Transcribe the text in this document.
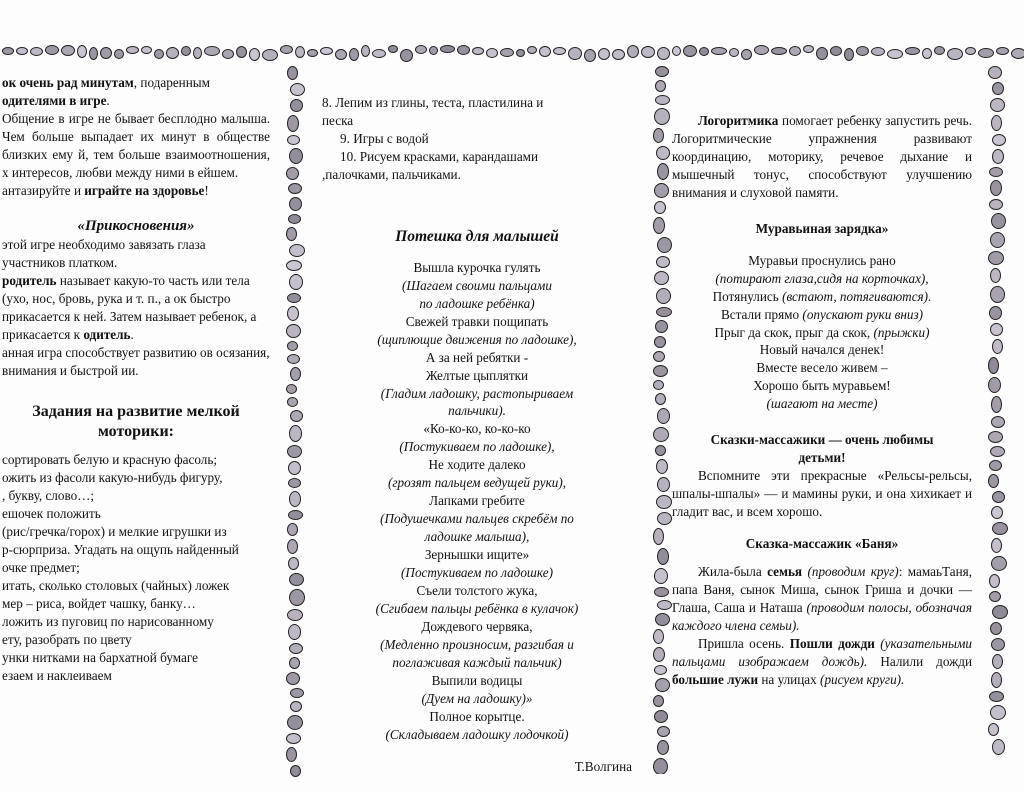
ок очень рад минутам, подаренным
одителями в игре.

Общение в игре не бывает бесплодно малыша. Чем больше выпадает их минут в обществе близких ему й, тем больше взаимоотношения, х интересов, любви между ними в ейшем.

антазируйте и играйте на здоровье!

«Прикосновения»

этой игре необходимо завязать глаза участников платком.

родитель называет какую-то часть или тела (ухо, нос, бровь, рука и т. п., а ок быстро прикасается к ней. Затем называет ребенок, а прикасается к одитель.

анная игра способствует развитию ов осязания, внимания и быстрой ии.

Задания на развитие мелкой моторики:

сортировать белую и красную фасоль;

ожить из фасоли какую-нибудь фигуру,

, букву, слово…;

ешочек положить

(рис/гречка/горох) и мелкие игрушки из

р-сюрприза. Угадать на ощупь найденный

очке предмет;

итать, сколько столовых (чайных) ложек

мер – риса, войдет чашку, банку…

ложить из пуговиц по нарисованному

ету, разобрать по цвету

унки нитками на бархатной бумаге

езаем и наклеиваем

8. Лепим из глины, теста, пластилина и

песка

9. Игры с водой

10. Рисуем красками, карандашами

,палочками, пальчиками.

Потешка для малышей

Вышла курочка гулять

(Шагаем своими пальцами

по ладошке ребёнка)

Свежей травки пощипать

(щиплющие движения по ладошке),

А за ней ребятки -

Желтые цыплятки

(Гладим ладошку, растопыриваем

пальчики).

«Ко-ко-ко, ко-ко-ко

(Постукиваем по ладошке),

Не ходите далеко

(грозят пальцем ведущей руки),

Лапками гребите

(Подушечками пальцев скребём по

ладошке малыша),

Зернышки ищите»

(Постукиваем по ладошке)

Съели толстого жука,

(Сгибаем пальцы ребёнка в кулачок)

Дождевого червяка,

(Медленно произносим, разгибая и

поглаживая каждый пальчик)

Выпили водицы

(Дуем на ладошку)»

Полное корытце.

(Складываем ладошку лодочкой)

Т.Волгина

Логоритмика помогает ребенку запустить речь. Логоритмические упражнения развивают координацию, моторику, речевое дыхание и мышечный тонус, способствуют улучшению внимания и слуховой памяти.

Муравьиная зарядка»

Муравьи проснулись рано

(потирают глаза,сидя на корточках),

Потянулись (встают, потягиваются).

Встали прямо (опускают руки вниз)

Прыг да скок, прыг да скок, (прыжки)

Новый начался денек!

Вместе весело живем –

Хорошо быть муравьем!

(шагают на месте)

Сказки-массажики — очень любимы детьми!

Вспомните эти прекрасные «Рельсы-рельсы, шпалы-шпалы» — и мамины руки, и она хихикает и гладит вас, и всем хорошо.

Сказка-массажик «Баня»

Жила-была семья (проводим круг): мамаьТаня, папа Ваня, сынок Миша, сынок Гриша и дочки — Глаша, Саша и Наташа (проводим полосы, обозначая каждого члена семьи).

Пришла осень. Пошли дожди (указательными пальцами изображаем дождь). Налили дожди большие лужи на улицах (рисуем круги).
